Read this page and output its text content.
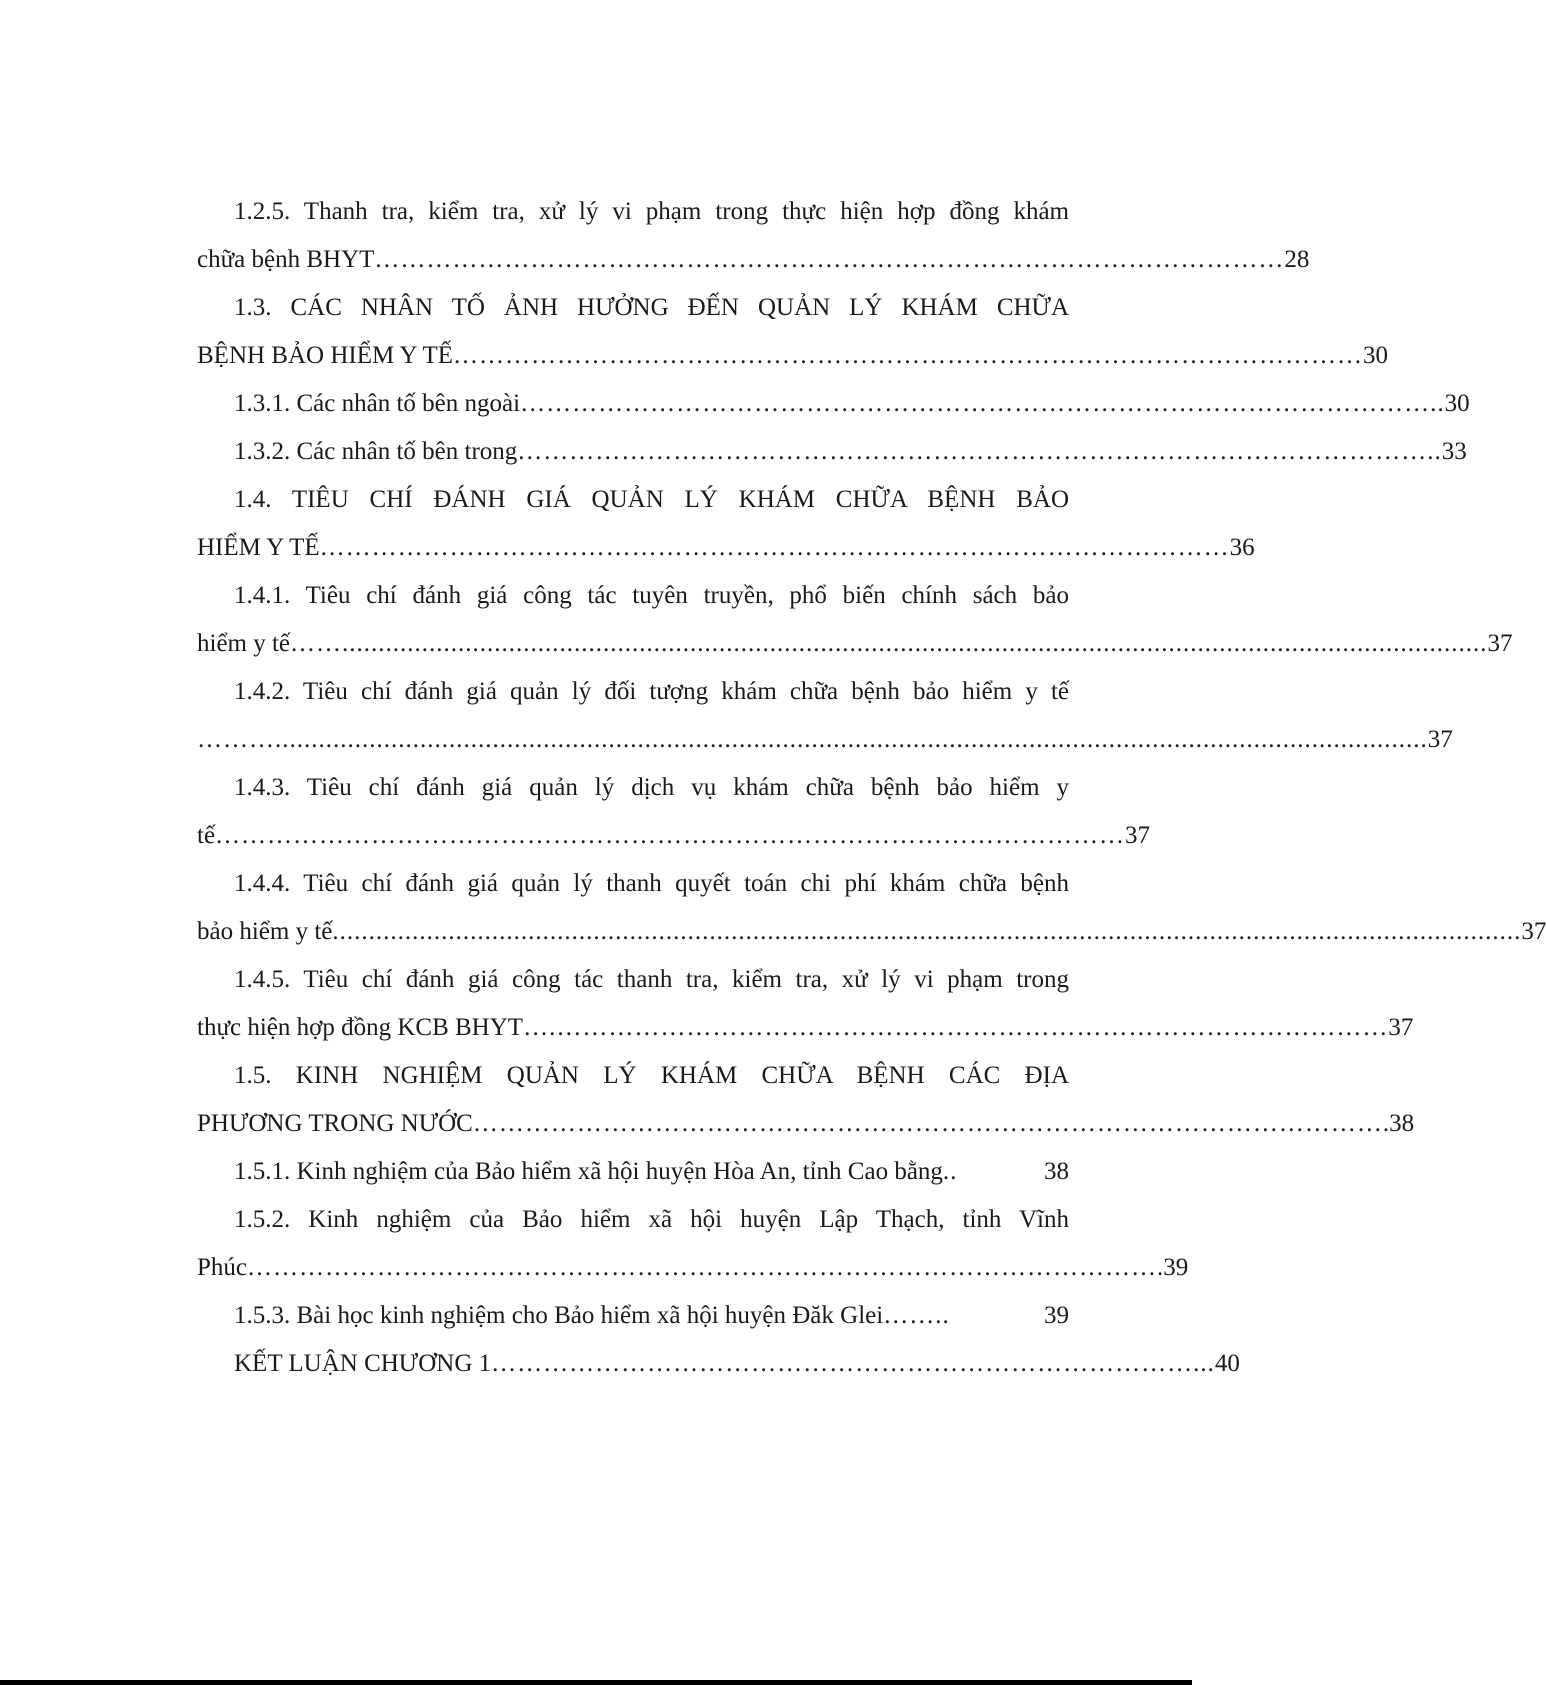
1.2.5. Thanh tra, kiểm tra, xử lý vi phạm trong thực hiện hợp đồng khám
chữa bệnh BHYT …………………………………………………………………………………………… 28
1.3. CÁC NHÂN TỐ ẢNH HƯỞNG ĐẾN QUẢN LÝ KHÁM CHỮA
BỆNH BẢO HIỂM Y TẾ …………………………………………………………………………………………… 30
1.3.1. Các nhân tố bên ngoài …………………………………………………………………………………………….. 30
1.3.2. Các nhân tố bên trong …………………………………………………………………………………………….. 33
1.4. TIÊU CHÍ ĐÁNH GIÁ QUẢN LÝ KHÁM CHỮA BỆNH BẢO
HIỂM Y TẾ …………………………………………………………………………………………… 36
1.4.1. Tiêu chí đánh giá công tác tuyên truyền, phổ biến chính sách bảo
hiểm y tế …….............................................................................................................................................................. 37
1.4.2. Tiêu chí đánh giá quản lý đối tượng khám chữa bệnh bảo hiểm y tế
………............................................................................................................................................................... 37
1.4.3. Tiêu chí đánh giá quản lý dịch vụ khám chữa bệnh bảo hiểm y
tế …………………………………………………………………………………………… 37
1.4.4. Tiêu chí đánh giá quản lý thanh quyết toán chi phí khám chữa bệnh
bảo hiểm y tế .................................................................................................................................................................... 37
1.4.5. Tiêu chí đánh giá công tác thanh tra, kiểm tra, xử lý vi phạm trong
thực hiện hợp đồng KCB BHYT ….…………………………………………………………………………………… 37
1.5. KINH NGHIỆM QUẢN LÝ KHÁM CHỮA BỆNH CÁC ĐỊA
PHƯƠNG TRONG NƯỚC …………………………………………………………………………………………… .38
1.5.1. Kinh nghiệm của Bảo hiểm xã hội huyện Hòa An, tỉnh Cao bằng ..	38
1.5.2. Kinh nghiệm của Bảo hiểm xã hội huyện Lập Thạch, tỉnh Vĩnh
Phúc …………………………………………………………………………………………… .39
1.5.3. Bài học kinh nghiệm cho Bảo hiểm xã hội huyện Đăk Glei ……..	39
KẾT LUẬN CHƯƠNG 1 ………………………………………………………………………... 40
